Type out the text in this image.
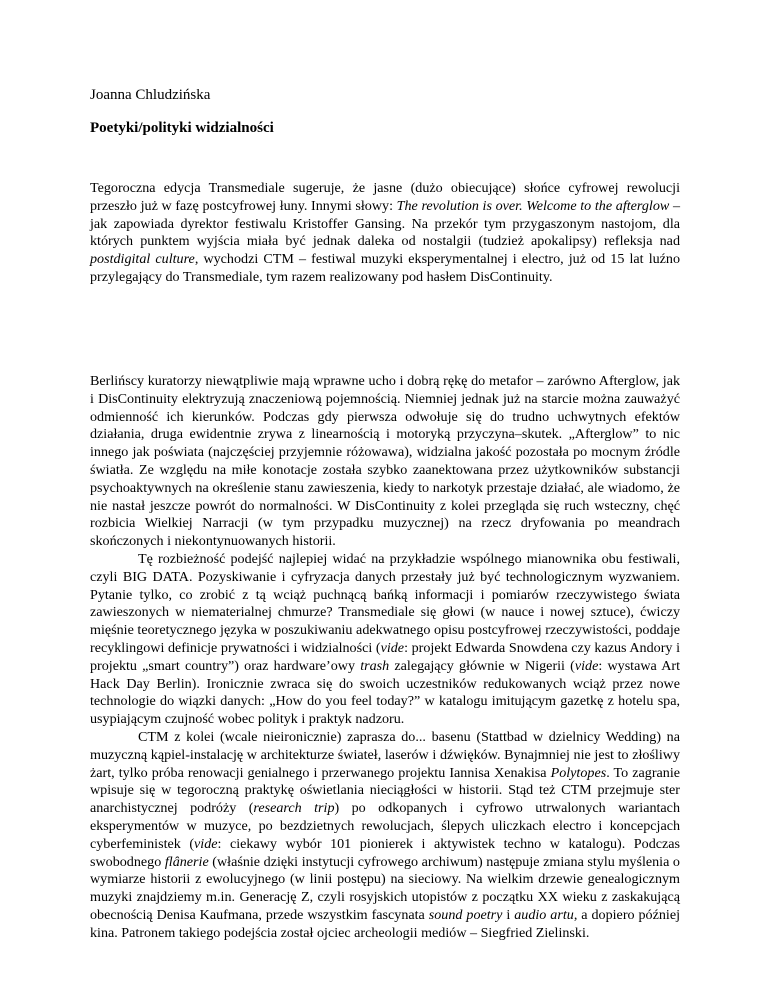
Joanna Chludzińska

Poetyki/polityki widzialności

Tegoroczna edycja Transmediale sugeruje, że jasne (dużo obiecujące) słońce cyfrowej rewolucji przeszło już w fazę postcyfrowej łuny. Innymi słowy: The revolution is over. Welcome to the afterglow – jak zapowiada dyrektor festiwalu Kristoffer Gansing. Na przekór tym przygaszonym nastojom, dla których punktem wyjścia miała być jednak daleka od nostalgii (tudzież apokalipsy) refleksja nad postdigital culture, wychodzi CTM – festiwal muzyki eksperymentalnej i electro, już od 15 lat luźno przylegający do Transmediale, tym razem realizowany pod hasłem DisContinuity.

Berlińscy kuratorzy niewątpliwie mają wprawne ucho i dobrą rękę do metafor – zarówno Afterglow, jak i DisContinuity elektryzują znaczeniową pojemnością. Niemniej jednak już na starcie można zauważyć odmienność ich kierunków. Podczas gdy pierwsza odwołuje się do trudno uchwytnych efektów działania, druga ewidentnie zrywa z linearnością i motoryką przyczyna–skutek. „Afterglow” to nic innego jak poświata (najczęściej przyjemnie różowawa), widzialna jakość pozostała po mocnym źródle światła. Ze względu na miłe konotacje została szybko zaanektowana przez użytkowników substancji psychoaktywnych na określenie stanu zawieszenia, kiedy to narkotyk przestaje działać, ale wiadomo, że nie nastał jeszcze powrót do normalności. W DisContinuity z kolei przegląda się ruch wsteczny, chęć rozbicia Wielkiej Narracji (w tym przypadku muzycznej) na rzecz dryfowania po meandrach skończonych i niekontynuowanych historii.

Tę rozbieżność podejść najlepiej widać na przykładzie wspólnego mianownika obu festiwali, czyli BIG DATA. Pozyskiwanie i cyfryzacja danych przestały już być technologicznym wyzwaniem. Pytanie tylko, co zrobić z tą wciąż puchnącą bańką informacji i pomiarów rzeczywistego świata zawieszonych w niematerialnej chmurze? Transmediale się głowi (w nauce i nowej sztuce), ćwiczy mięśnie teoretycznego języka w poszukiwaniu adekwatnego opisu postcyfrowej rzeczywistości, poddaje recyklingowi definicje prywatności i widzialności (vide: projekt Edwarda Snowdena czy kazus Andory i projektu „smart country”) oraz hardware’owy trash zalegający głównie w Nigerii (vide: wystawa Art Hack Day Berlin). Ironicznie zwraca się do swoich uczestników redukowanych wciąż przez nowe technologie do wiązki danych: „How do you feel today?” w katalogu imitującym gazetkę z hotelu spa, usypiającym czujność wobec polityk i praktyk nadzoru.

CTM z kolei (wcale nieironicznie) zaprasza do... basenu (Stattbad w dzielnicy Wedding) na muzyczną kąpiel-instalację w architekturze świateł, laserów i dźwięków. Bynajmniej nie jest to złośliwy żart, tylko próba renowacji genialnego i przerwanego projektu Iannisa Xenakisa Polytopes. To zagranie wpisuje się w tegoroczną praktykę oświetlania nieciągłości w historii. Stąd też CTM przejmuje ster anarchistycznej podróży (research trip) po odkopanych i cyfrowo utrwalonych wariantach eksperymentów w muzyce, po bezdzietnych rewolucjach, ślepych uliczkach electro i koncepcjach cyberfeministek (vide: ciekawy wybór 101 pionierek i aktywistek techno w katalogu). Podczas swobodnego flânerie (właśnie dzięki instytucji cyfrowego archiwum) następuje zmiana stylu myślenia o wymiarze historii z ewolucyjnego (w linii postępu) na sieciowy. Na wielkim drzewie genealogicznym muzyki znajdziemy m.in. Generację Z, czyli rosyjskich utopistów z początku XX wieku z zaskakującą obecnością Denisa Kaufmana, przede wszystkim fascynata sound poetry i audio artu, a dopiero później kina. Patronem takiego podejścia został ojciec archeologii mediów – Siegfried Zielinski.
